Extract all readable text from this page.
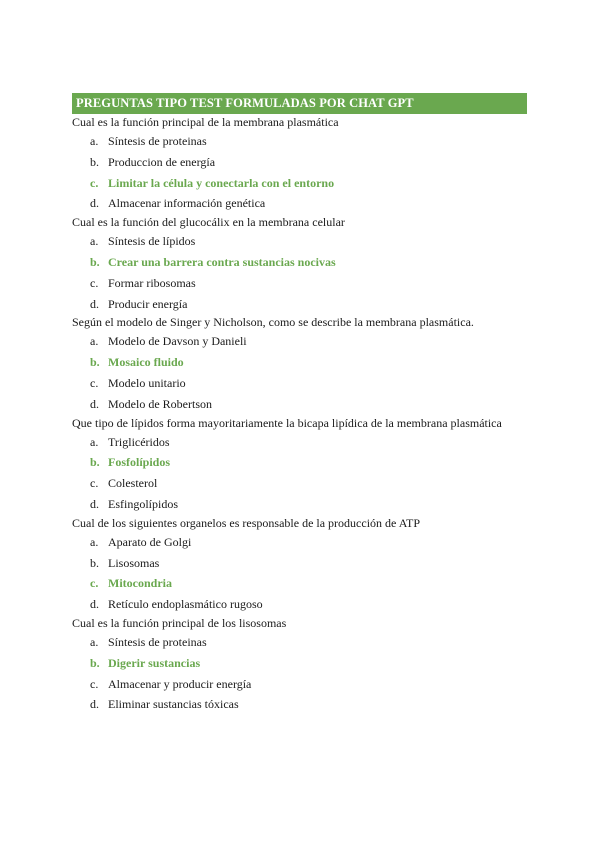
PREGUNTAS TIPO TEST FORMULADAS POR CHAT GPT
Cual es la función principal de la membrana plasmática
a. Síntesis de proteinas
b. Produccion de energía
c. Limitar la célula y conectarla con el entorno
d. Almacenar información genética
Cual es la función del glucocálix en la membrana celular
a. Síntesis de lípidos
b. Crear una barrera contra sustancias nocivas
c. Formar ribosomas
d. Producir energía
Según el modelo de Singer y Nicholson, como se describe la membrana plasmática.
a. Modelo de Davson y Danieli
b. Mosaico fluido
c. Modelo unitario
d. Modelo de Robertson
Que tipo de lípidos forma mayoritariamente la bicapa lipídica de la membrana plasmática
a. Triglicéridos
b. Fosfolípidos
c. Colesterol
d. Esfingolípidos
Cual de los siguientes organelos es responsable de la producción de ATP
a. Aparato de Golgi
b. Lisosomas
c. Mitocondria
d. Retículo endoplasmático rugoso
Cual es la función principal de los lisosomas
a. Síntesis de proteinas
b. Digerir sustancias
c. Almacenar y producir energía
d. Eliminar sustancias tóxicas
